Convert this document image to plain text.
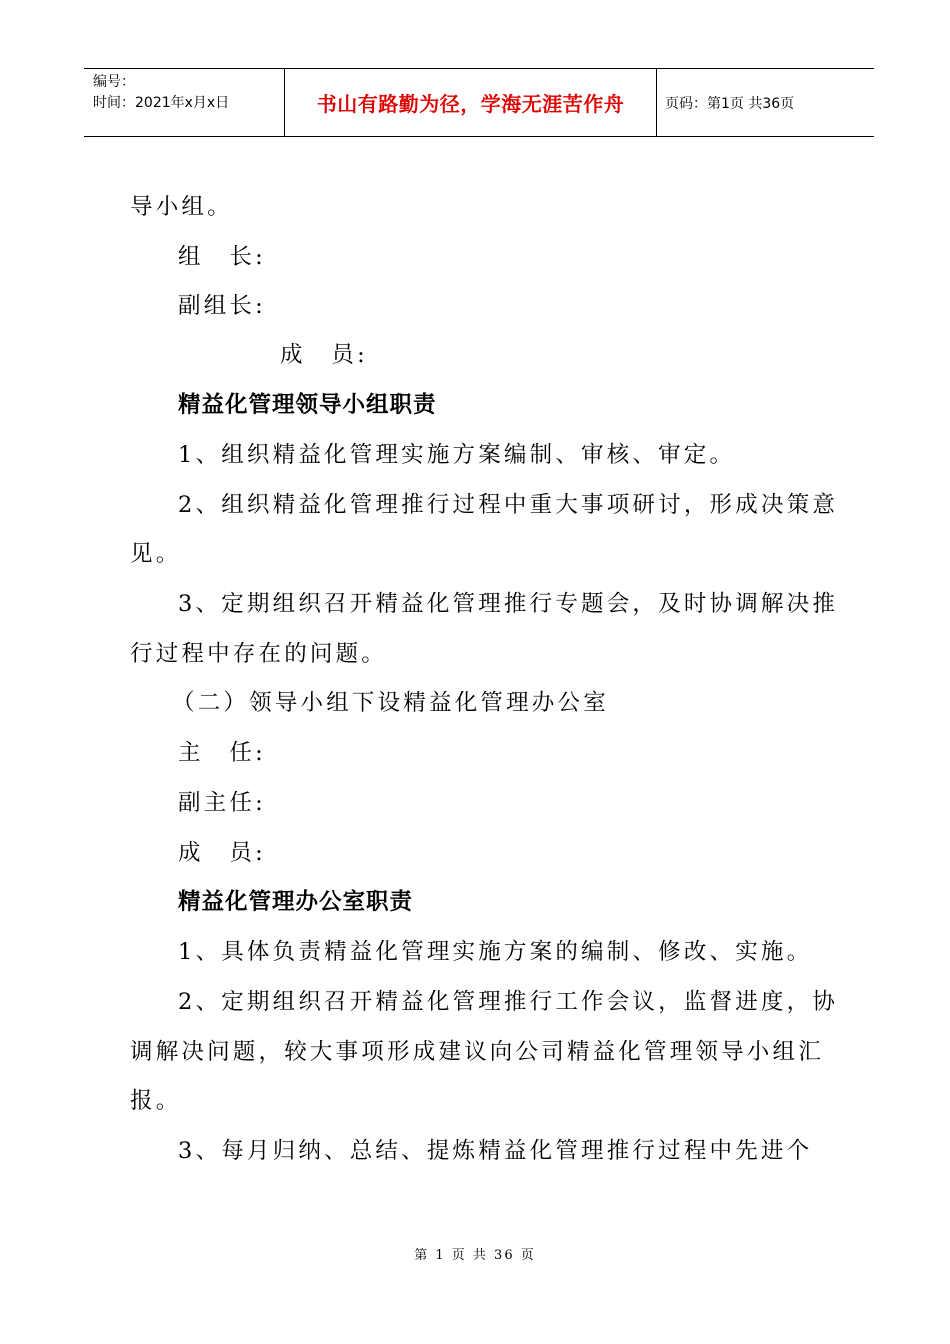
编号：
时间：2021年x月x日	书山有路勤为径，学海无涯苦作舟	页码：第1页 共36页
导小组。
组　长:
副组长:
成　员:
精益化管理领导小组职责
1、组织精益化管理实施方案编制、审核、审定。
2、组织精益化管理推行过程中重大事项研讨，形成决策意
见。
3、定期组织召开精益化管理推行专题会，及时协调解决推
行过程中存在的问题。
（二）领导小组下设精益化管理办公室
主　任:
副主任:
成　员:
精益化管理办公室职责
1、具体负责精益化管理实施方案的编制、修改、实施。
2、定期组织召开精益化管理推行工作会议，监督进度，协
调解决问题，较大事项形成建议向公司精益化管理领导小组汇
报。
3、每月归纳、总结、提炼精益化管理推行过程中先进个
第 1 页 共 36 页
